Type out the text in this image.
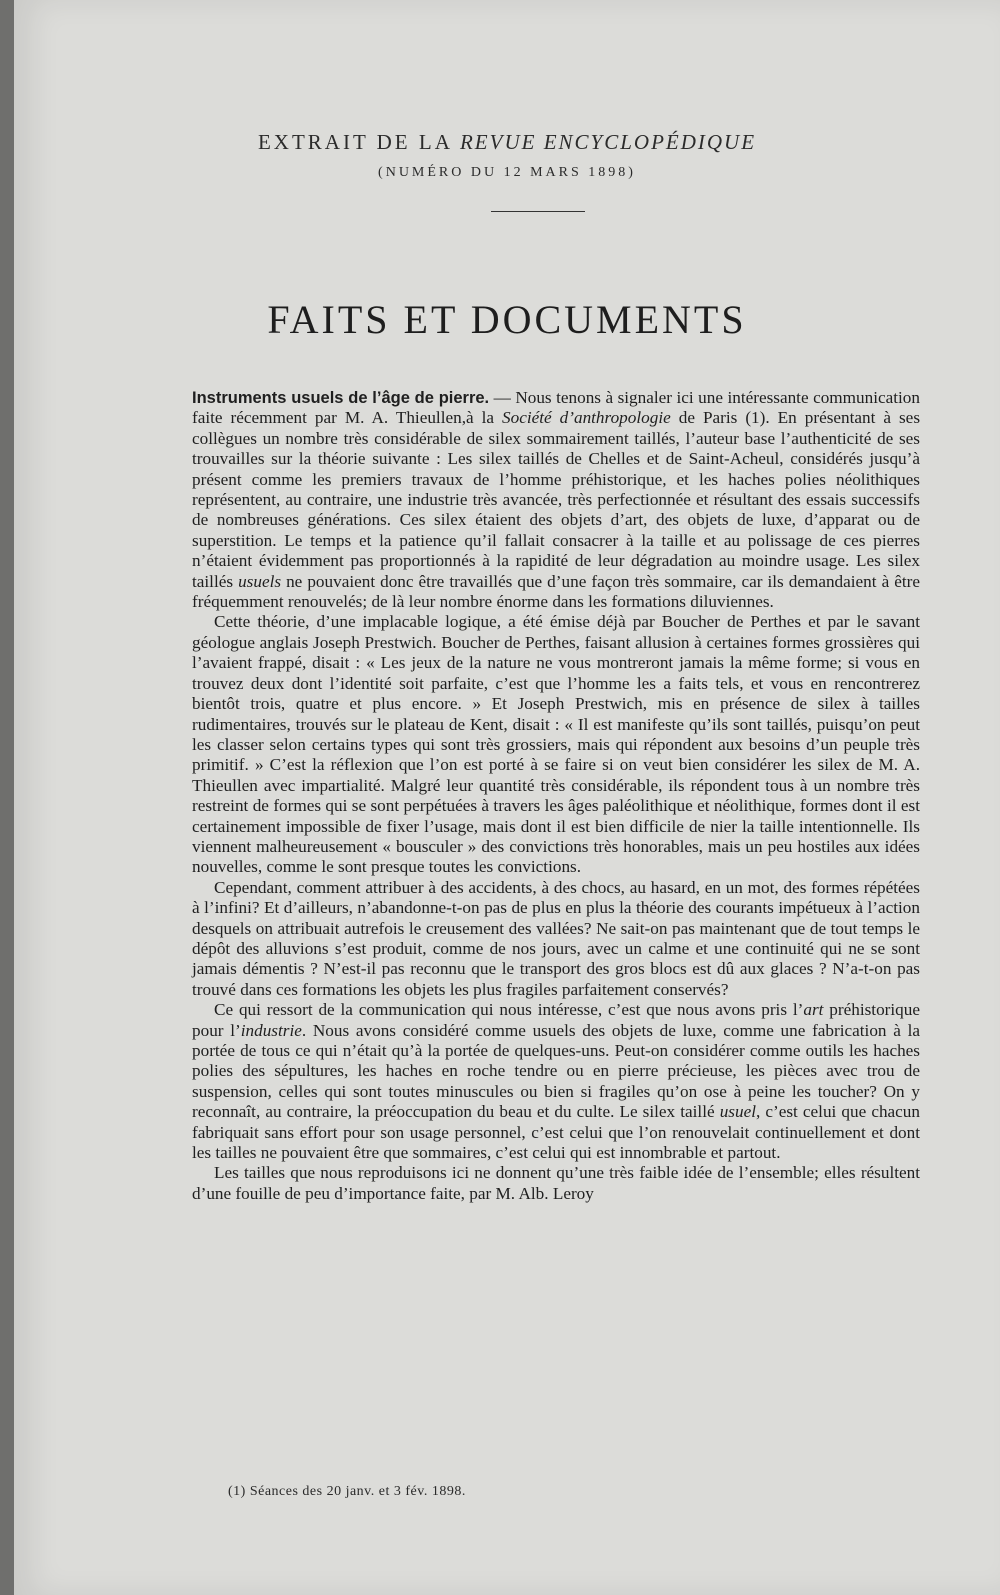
EXTRAIT DE LA REVUE ENCYCLOPÉDIQUE
(NUMÉRO DU 12 MARS 1898)
FAITS ET DOCUMENTS

Instruments usuels de l’âge de pierre. — Nous tenons à signaler ici une intéressante communication faite récemment par M. A. Thieullen,à la Société d’anthropologie de Paris (1). En présentant à ses collègues un nombre très considérable de silex sommairement taillés, l’auteur base l’authenticité de ses trouvailles sur la théorie suivante : Les silex taillés de Chelles et de Saint-Acheul, considérés jusqu’à présent comme les premiers travaux de l’homme préhistorique, et les haches polies néolithiques représentent, au contraire, une industrie très avancée, très perfectionnée et résultant des essais successifs de nombreuses générations. Ces silex étaient des objets d’art, des objets de luxe, d’apparat ou de superstition. Le temps et la patience qu’il fallait consacrer à la taille et au polissage de ces pierres n’étaient évidemment pas proportionnés à la rapidité de leur dégradation au moindre usage. Les silex taillés usuels ne pouvaient donc être travaillés que d’une façon très sommaire, car ils demandaient à être fréquemment renouvelés; de là leur nombre énorme dans les formations diluviennes.

Cette théorie, d’une implacable logique, a été émise déjà par Boucher de Perthes et par le savant géologue anglais Joseph Prestwich. Boucher de Perthes, faisant allusion à certaines formes grossières qui l’avaient frappé, disait : « Les jeux de la nature ne vous montreront jamais la même forme; si vous en trouvez deux dont l’identité soit parfaite, c’est que l’homme les a faits tels, et vous en rencontrerez bientôt trois, quatre et plus encore. » Et Joseph Prestwich, mis en présence de silex à tailles rudimentaires, trouvés sur le plateau de Kent, disait : « Il est manifeste qu’ils sont taillés, puisqu’on peut les classer selon certains types qui sont très grossiers, mais qui répondent aux besoins d’un peuple très primitif. » C’est la réflexion que l’on est porté à se faire si on veut bien considérer les silex de M. A. Thieullen avec impartialité. Malgré leur quantité très considérable, ils répondent tous à un nombre très restreint de formes qui se sont perpétuées à travers les âges paléolithique et néolithique, formes dont il est certainement impossible de fixer l’usage, mais dont il est bien difficile de nier la taille intentionnelle. Ils viennent malheureusement « bousculer » des convictions très honorables, mais un peu hostiles aux idées nouvelles, comme le sont presque toutes les convictions.

Cependant, comment attribuer à des accidents, à des chocs, au hasard, en un mot, des formes répétées à l’infini? Et d’ailleurs, n’abandonne-t-on pas de plus en plus la théorie des courants impétueux à l’action desquels on attribuait autrefois le creusement des vallées? Ne sait-on pas maintenant que de tout temps le dépôt des alluvions s’est produit, comme de nos jours, avec un calme et une continuité qui ne se sont jamais démentis ? N’est-il pas reconnu que le transport des gros blocs est dû aux glaces ? N’a-t-on pas trouvé dans ces formations les objets les plus fragiles parfaitement conservés?

Ce qui ressort de la communication qui nous intéresse, c’est que nous avons pris l’art préhistorique pour l’industrie. Nous avons considéré comme usuels des objets de luxe, comme une fabrication à la portée de tous ce qui n’était qu’à la portée de quelques-uns. Peut-on considérer comme outils les haches polies des sépultures, les haches en roche tendre ou en pierre précieuse, les pièces avec trou de suspension, celles qui sont toutes minuscules ou bien si fragiles qu’on ose à peine les toucher? On y reconnaît, au contraire, la préoccupation du beau et du culte. Le silex taillé usuel, c’est celui que chacun fabriquait sans effort pour son usage personnel, c’est celui que l’on renouvelait continuellement et dont les tailles ne pouvaient être que sommaires, c’est celui qui est innombrable et partout.

Les tailles que nous reproduisons ici ne donnent qu’une très faible idée de l’ensemble; elles résultent d’une fouille de peu d’importance faite, par M. Alb. Leroy

(1) Séances des 20 janv. et 3 fév. 1898.
